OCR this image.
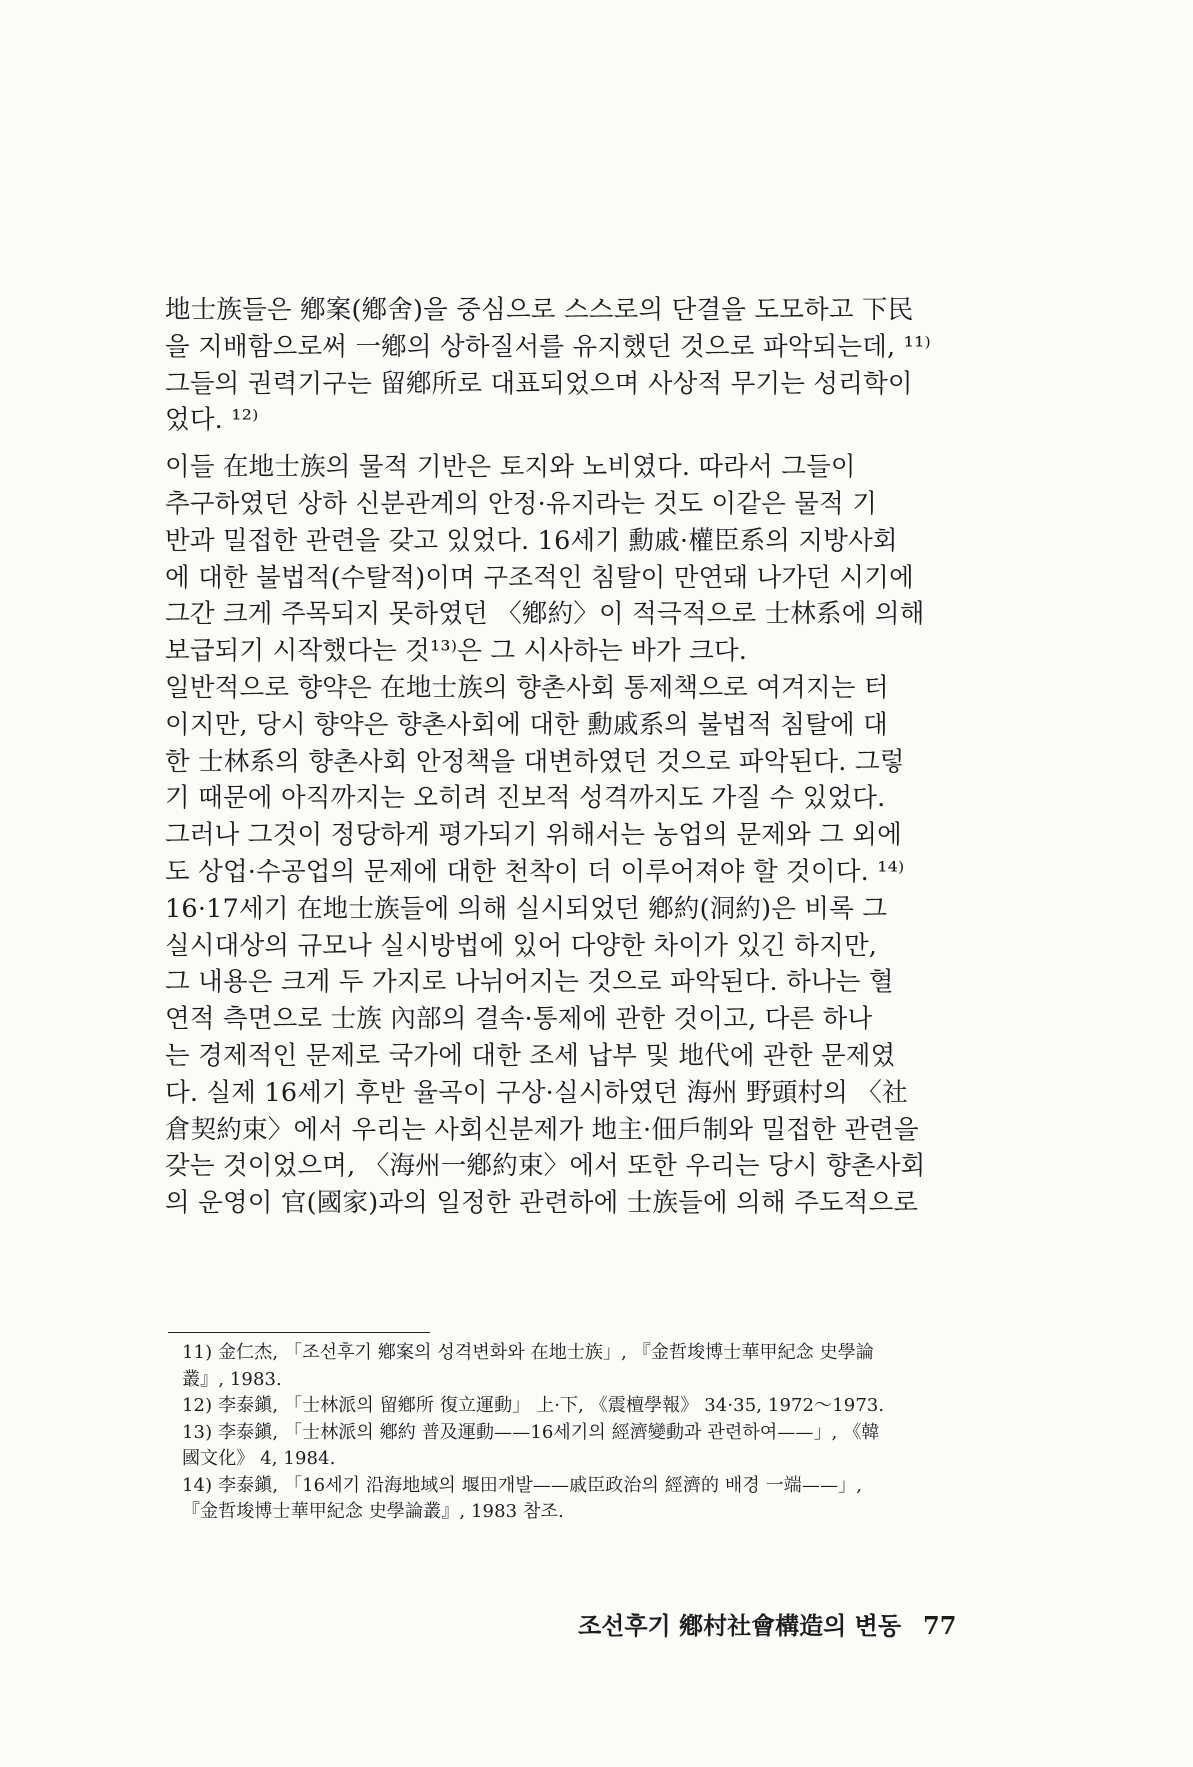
地士族들은 鄕案(鄕舍)을 중심으로 스스로의 단결을 도모하고 下民
을 지배함으로써 一鄕의 상하질서를 유지했던 것으로 파악되는데, ¹¹⁾
그들의 권력기구는 留鄕所로 대표되었으며 사상적 무기는 성리학이
었다. ¹²⁾
이들 在地士族의 물적 기반은 토지와 노비였다. 따라서 그들이
추구하였던 상하 신분관계의 안정·유지라는 것도 이같은 물적 기
반과 밀접한 관련을 갖고 있었다. 16세기 勳戚·權臣系의 지방사회
에 대한 불법적(수탈적)이며 구조적인 침탈이 만연돼 나가던 시기에
그간 크게 주목되지 못하였던 〈鄕約〉이 적극적으로 士林系에 의해
보급되기 시작했다는 것¹³⁾은 그 시사하는 바가 크다.
일반적으로 향약은 在地士族의 향촌사회 통제책으로 여겨지는 터
이지만, 당시 향약은 향촌사회에 대한 勳戚系의 불법적 침탈에 대
한 士林系의 향촌사회 안정책을 대변하였던 것으로 파악된다. 그렇
기 때문에 아직까지는 오히려 진보적 성격까지도 가질 수 있었다.
그러나 그것이 정당하게 평가되기 위해서는 농업의 문제와 그 외에
도 상업·수공업의 문제에 대한 천착이 더 이루어져야 할 것이다. ¹⁴⁾
16·17세기 在地士族들에 의해 실시되었던 鄕約(洞約)은 비록 그
실시대상의 규모나 실시방법에 있어 다양한 차이가 있긴 하지만,
그 내용은 크게 두 가지로 나뉘어지는 것으로 파악된다. 하나는 혈
연적 측면으로 士族 內部의 결속·통제에 관한 것이고, 다른 하나
는 경제적인 문제로 국가에 대한 조세 납부 및 地代에 관한 문제였
다. 실제 16세기 후반 율곡이 구상·실시하였던 海州 野頭村의 〈社
倉契約束〉에서 우리는 사회신분제가 地主·佃戶制와 밀접한 관련을
갖는 것이었으며, 〈海州一鄕約束〉에서 또한 우리는 당시 향촌사회
의 운영이 官(國家)과의 일정한 관련하에 士族들에 의해 주도적으로
11) 金仁杰, 「조선후기 鄕案의 성격변화와 在地士族」, 『金哲埈博士華甲紀念 史學論
叢』, 1983.
12) 李泰鎭, 「士林派의 留鄕所 復立運動」 上·下, 《震檀學報》 34·35, 1972～1973.
13) 李泰鎭, 「士林派의 鄕約 普及運動——16세기의 經濟變動과 관련하여——」, 《韓
國文化》 4, 1984.
14) 李泰鎭, 「16세기 沿海地域의 堰田개발——戚臣政治의 經濟的 배경 一端——」,
『金哲埈博士華甲紀念 史學論叢』, 1983 참조.
조선후기 鄕村社會構造의 변동 77
